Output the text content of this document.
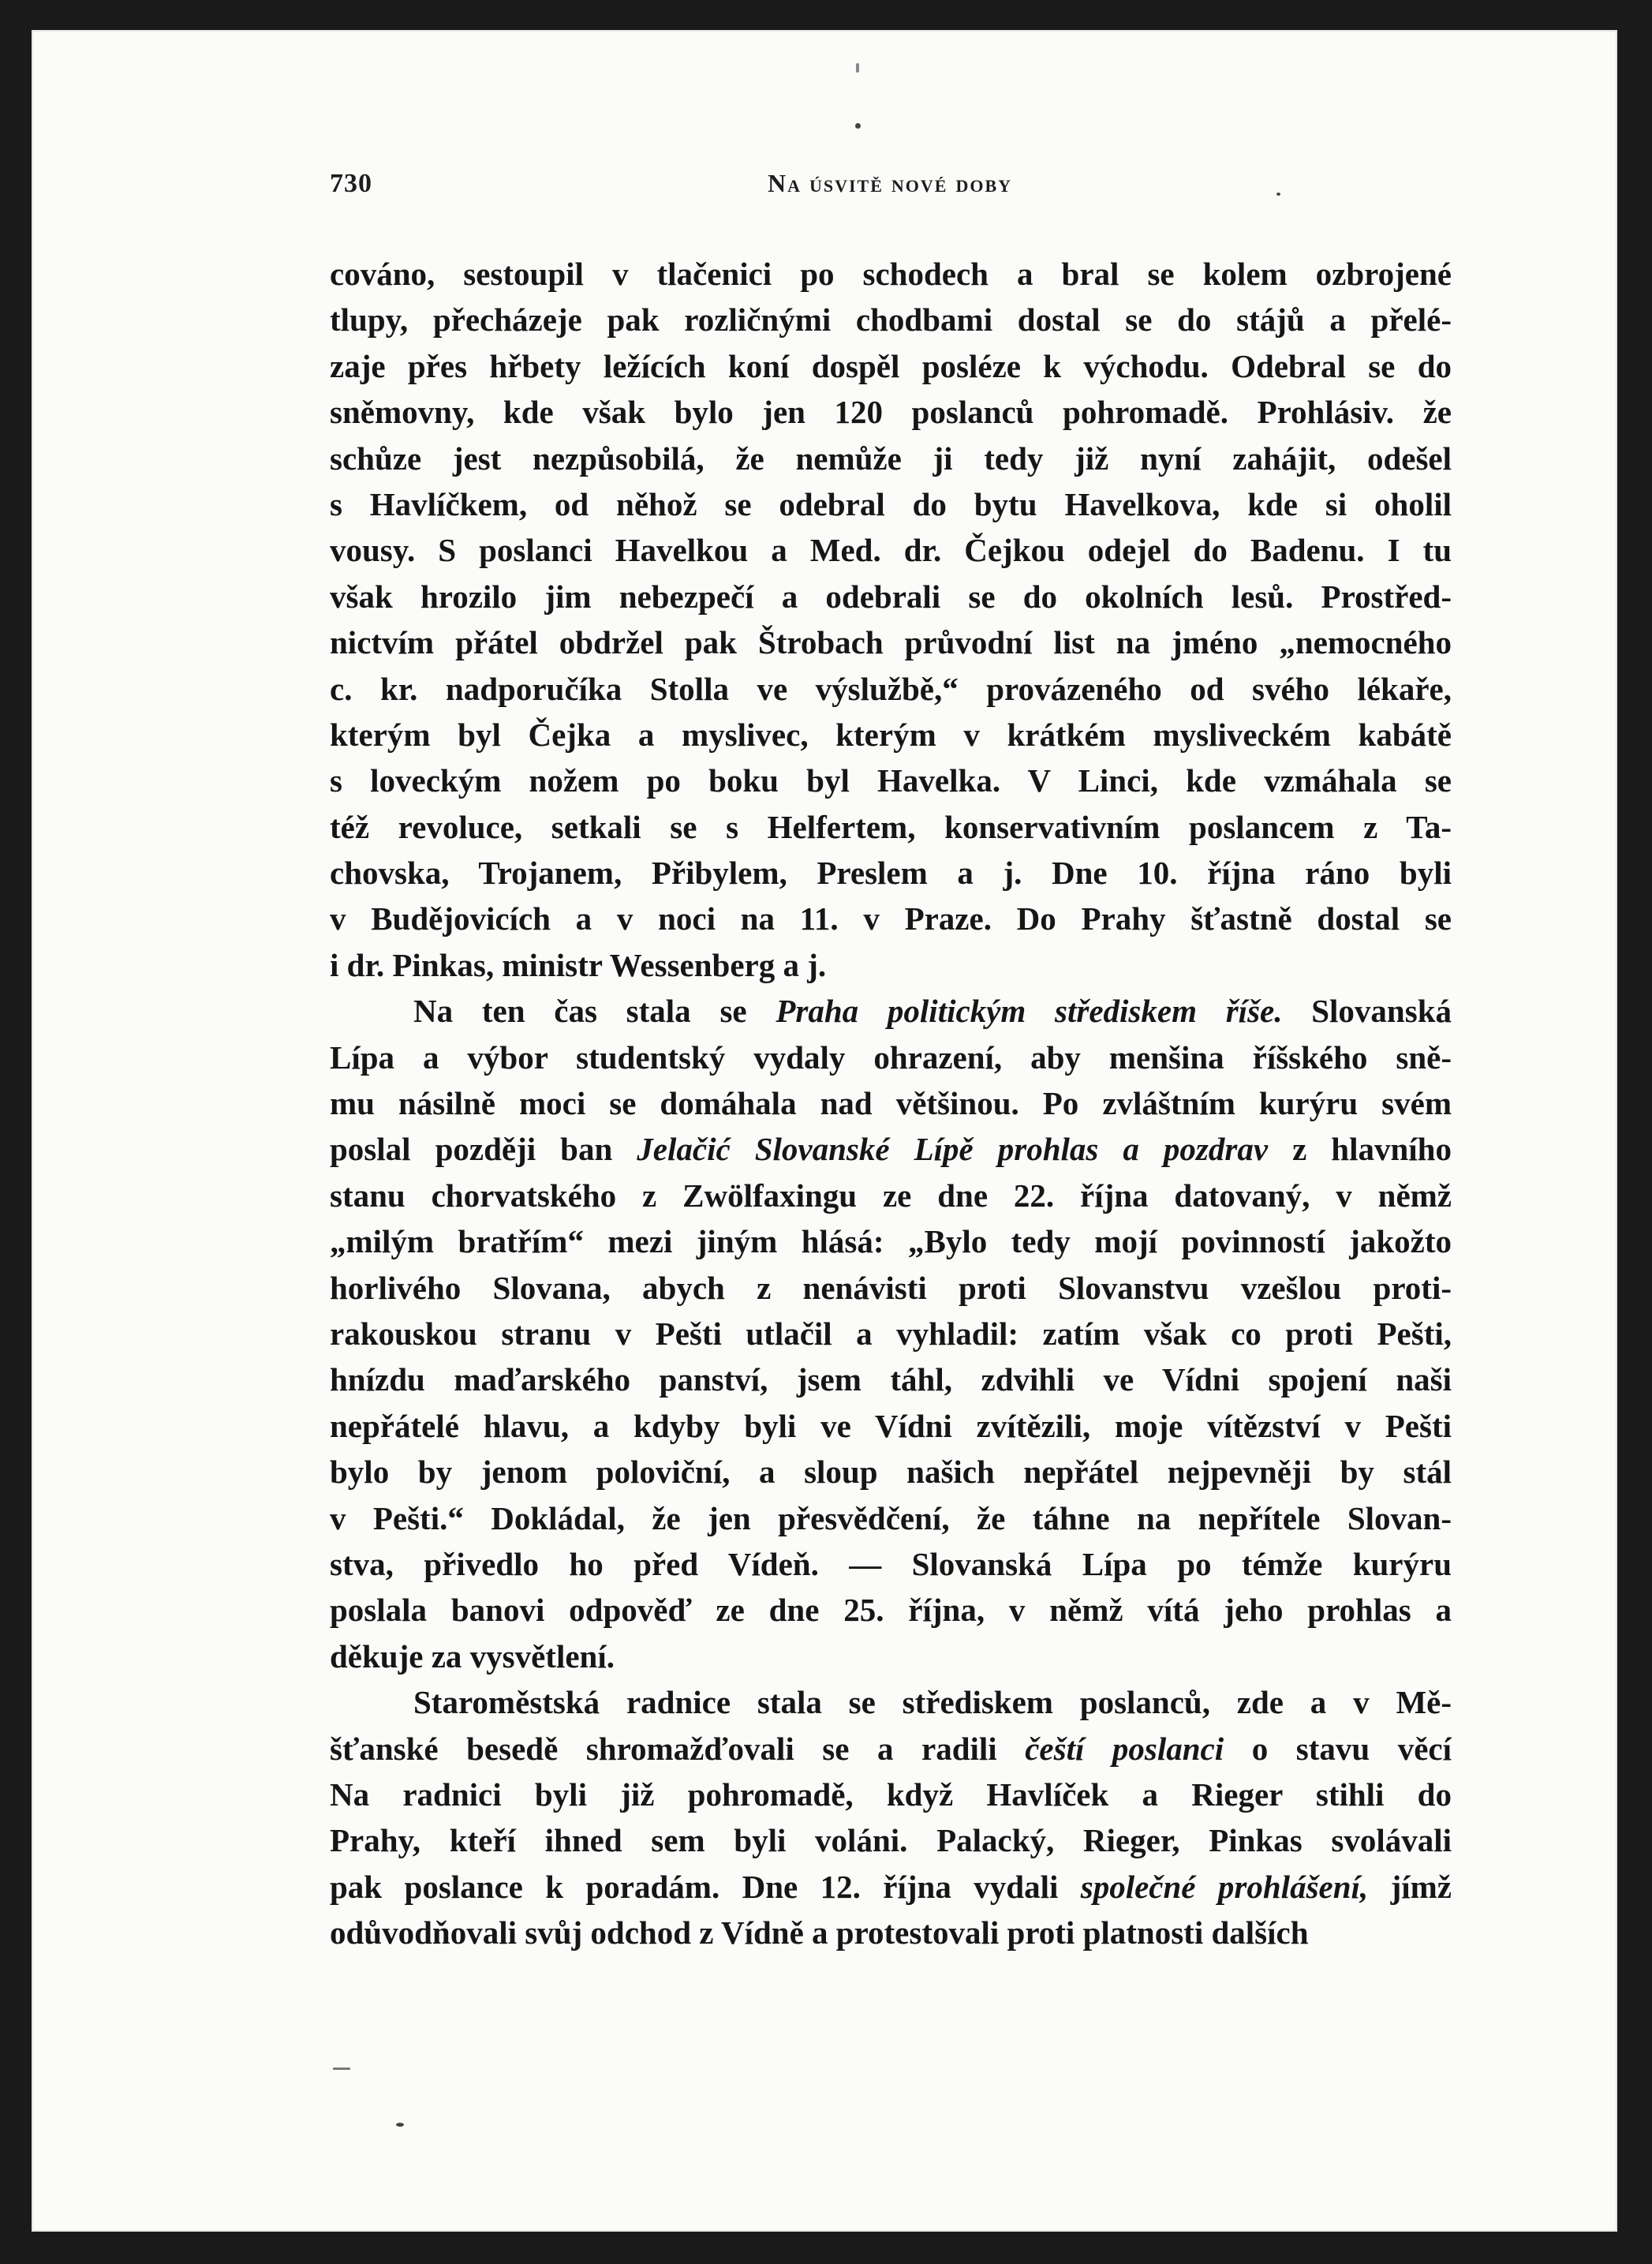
730	Na úsvitě nové doby
cováno, sestoupil v tlačenici po schodech a bral se kolem ozbrojené
tlupy, přecházeje pak rozličnými chodbami dostal se do stájů a přelé-
zaje přes hřbety ležících koní dospěl posléze k východu. Odebral se do
sněmovny, kde však bylo jen 120 poslanců pohromadě. Prohlásiv. že
schůze jest nezpůsobilá, že nemůže ji tedy již nyní zahájit, odešel
s Havlíčkem, od něhož se odebral do bytu Havelkova, kde si oholil
vousy. S poslanci Havelkou a Med. dr. Čejkou odejel do Badenu. I tu
však hrozilo jim nebezpečí a odebrali se do okolních lesů. Prostřed-
nictvím přátel obdržel pak Štrobach průvodní list na jméno „nemocného
c. kr. nadporučíka Stolla ve výslužbě,“ provázeného od svého lékaře,
kterým byl Čejka a myslivec, kterým v krátkém mysliveckém kabátě
s loveckým nožem po boku byl Havelka. V Linci, kde vzmáhala se
též revoluce, setkali se s Helfertem, konservativním poslancem z Ta-
chovska, Trojanem, Přibylem, Preslem a j. Dne 10. října ráno byli
v Budějovicích a v noci na 11. v Praze. Do Prahy šťastně dostal se
i dr. Pinkas, ministr Wessenberg a j.
Na ten čas stala se Praha politickým střediskem říše. Slovanská
Lípa a výbor studentský vydaly ohrazení, aby menšina říšského sně-
mu násilně moci se domáhala nad většinou. Po zvláštním kurýru svém
poslal později ban Jelačić Slovanské Lípě prohlas a pozdrav z hlavního
stanu chorvatského z Zwölfaxingu ze dne 22. října datovaný, v němž
„milým bratřím“ mezi jiným hlásá: „Bylo tedy mojí povinností jakožto
horlivého Slovana, abych z nenávisti proti Slovanstvu vzešlou proti-
rakouskou stranu v Pešti utlačil a vyhladil: zatím však co proti Pešti,
hnízdu maďarského panství, jsem táhl, zdvihli ve Vídni spojení naši
nepřátelé hlavu, a kdyby byli ve Vídni zvítězili, moje vítězství v Pešti
bylo by jenom poloviční, a sloup našich nepřátel nejpevněji by stál
v Pešti.“ Dokládal, že jen přesvědčení, že táhne na nepřítele Slovan-
stva, přivedlo ho před Vídeň. — Slovanská Lípa po témže kurýru
poslala banovi odpověď ze dne 25. října, v němž vítá jeho prohlas a
děkuje za vysvětlení.
Staroměstská radnice stala se střediskem poslanců, zde a v Mě-
šťanské besedě shromažďovali se a radili čeští poslanci o stavu věcí
Na radnici byli již pohromadě, když Havlíček a Rieger stihli do
Prahy, kteří ihned sem byli voláni. Palacký, Rieger, Pinkas svolávali
pak poslance k poradám. Dne 12. října vydali společné prohlášení, jímž
odůvodňovali svůj odchod z Vídně a protestovali proti platnosti dalších
